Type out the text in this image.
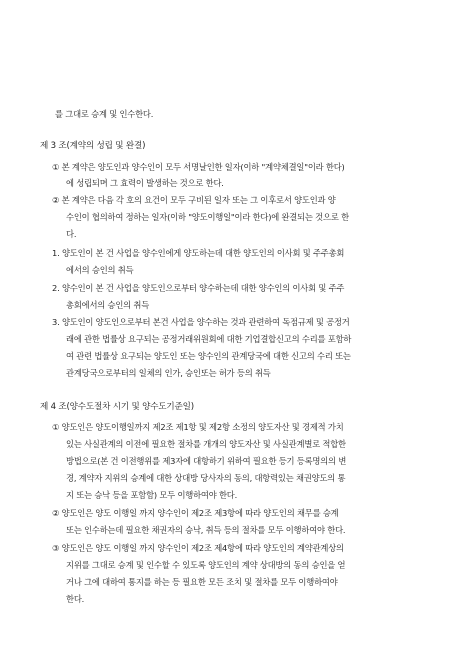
를 그대로 승계 및 인수한다.
제 3 조(계약의 성립 및 완결)
① 본 계약은 양도인과 양수인이 모두 서명날인한 일자(이하 "계약체결일"이라 한다)
에 성립되며 그 효력이 발생하는 것으로 한다.
② 본 계약은 다음 각 호의 요건이 모두 구비된 일자 또는 그 이후로서 양도인과 양
수인이 협의하여 정하는 일자(이하 "양도이행일"이라 한다)에 완결되는 것으로 한
다.
1. 양도인이 본 건 사업을 양수인에게 양도하는데 대한 양도인의 이사회 및 주주총회
에서의 승인의 취득
2. 양수인이 본 건 사업을 양도인으로부터 양수하는데 대한 양수인의 이사회 및 주주
총회에서의 승인의 취득
3. 양도인이 양도인으로부터 본건 사업을 양수하는 것과 관련하여 독점규제 및 공정거
래에 관한 법률상 요구되는 공정거래위원회에 대한 기업결합신고의 수리를 포함하
여 관련 법률상 요구되는 양도인 또는 양수인의 관계당국에 대한 신고의 수리 또는
관계당국으로부터의 일체의 인가, 승인또는 허가 등의 취득
제 4 조(양수도절차 시기 및 양수도기준일)
① 양도인은 양도이행일까지 제2조 제1항 및 제2항 소정의 양도자산 및 경제적 가치
있는 사실관계의 이전에 필요한 절차를 개개의 양도자산 및 사실관계별로 적합한
방법으로(본 건 이전행위를 제3자에 대항하기 위하여 필요한 등기 등록명의의 변
경, 계약자 지위의 승계에 대한 상대방 당사자의 동의, 대항력있는 채권양도의 통
지 또는 승낙 등을 포함함) 모두 이행하여야 한다.
② 양도인은 양도 이행일 까지 양수인이 제2조 제3항에 따라 양도인의 채무를 승계
또는 인수하는데 필요한 채권자의 승낙, 취득 등의 절차를 모두 이행하여야 한다.
③ 양도인은 양도 이행일 까지 양수인이 제2조 제4항에 따라 양도인의 계약관계상의
지위를 그대로 승계 및 인수할 수 있도록 양도인의 계약 상대방의 동의 승인을 얻
거나 그에 대하여 통지를 하는 등 필요한 모든 조치 및 절차를 모두 이행하여야
한다.
